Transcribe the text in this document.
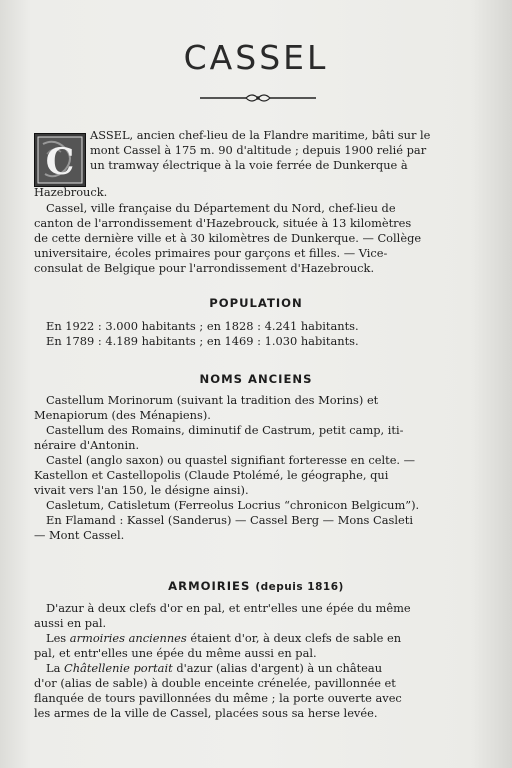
CASSEL
C
ASSEL, ancien chef-lieu de la Flandre maritime, bâti sur le
mont Cassel à 175 m. 90 d'altitude ; depuis 1900 relié par
un tramway électrique à la voie ferrée de Dunkerque à
Hazebrouck.
Cassel, ville française du Département du Nord, chef-lieu de
canton de l'arrondissement d'Hazebrouck, située à 13 kilomètres
de cette dernière ville et à 30 kilomètres de Dunkerque. — Collège
universitaire, écoles primaires pour garçons et filles. — Vice-
consulat de Belgique pour l'arrondissement d'Hazebrouck.
POPULATION
En 1922 : 3.000 habitants ; en 1828 : 4.241 habitants.
En 1789 : 4.189 habitants ; en 1469 : 1.030 habitants.
NOMS ANCIENS
Castellum Morinorum (suivant la tradition des Morins) et
Menapiorum (des Ménapiens).
Castellum des Romains, diminutif de Castrum, petit camp, iti-
néraire d'Antonin.
Castel (anglo saxon) ou quastel signifiant forteresse en celte. —
Kastellon et Castellopolis (Claude Ptolémé, le géographe, qui
vivait vers l'an 150, le désigne ainsi).
Casletum, Catisletum (Ferreolus Locrius “chronicon Belgicum”).
En Flamand : Kassel (Sanderus) — Cassel Berg — Mons Casleti
— Mont Cassel.
ARMOIRIES (depuis 1816)
D'azur à deux clefs d'or en pal, et entr'elles une épée du même
aussi en pal.
Les armoiries anciennes étaient d'or, à deux clefs de sable en
pal, et entr'elles une épée du même aussi en pal.
La Châtellenie portait d'azur (alias d'argent) à un château
d'or (alias de sable) à double enceinte crénelée, pavillonnée et
flanquée de tours pavillonnées du même ; la porte ouverte avec
les armes de la ville de Cassel, placées sous sa herse levée.
